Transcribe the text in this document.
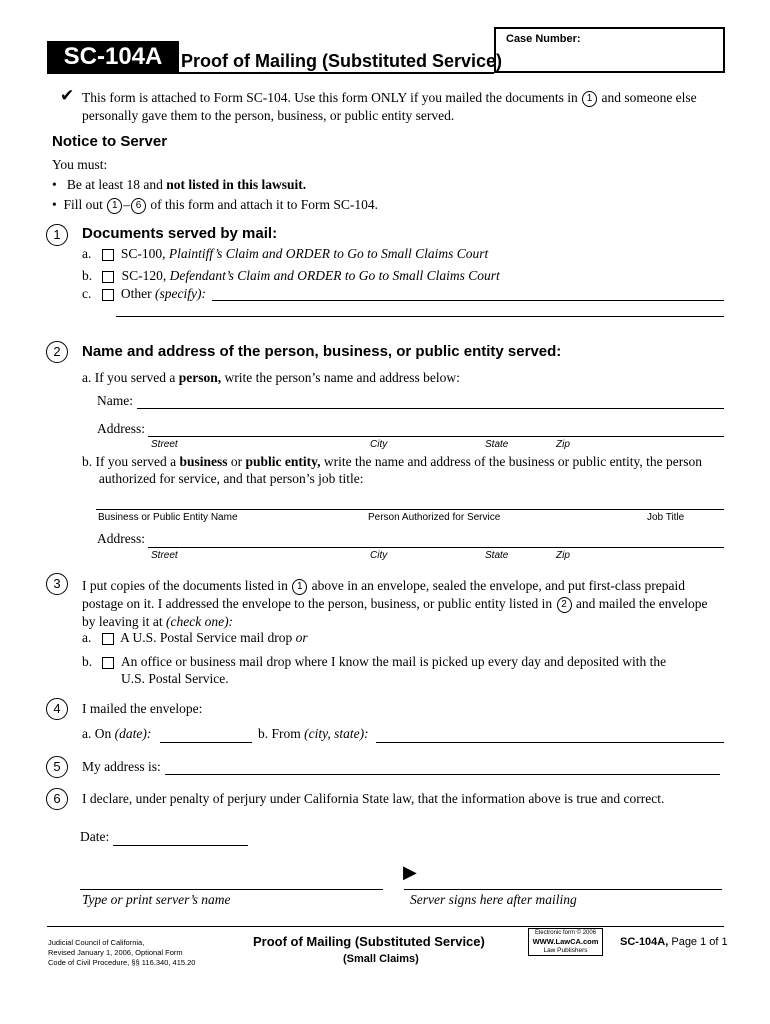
Case Number:
SC-104A	Proof of Mailing (Substituted Service)
✔ This form is attached to Form SC-104. Use this form ONLY if you mailed the documents in 1 and someone else
personally gave them to the person, business, or public entity served.
Notice to Server
You must:
•   Be at least 18 and not listed in this lawsuit.
•  Fill out 1 – 6 of this form and attach it to Form SC-104.
1	Documents served by mail:
a. SC-100, Plaintiff’s Claim and ORDER to Go to Small Claims Court
b. SC-120, Defendant’s Claim and ORDER to Go to Small Claims Court
c. Other (specify):
2	Name and address of the person, business, or public entity served:
a. If you served a person, write the person’s name and address below:
Name:
Address:
Street	City	State	Zip
b. If you served a business or public entity, write the name and address of the business or public entity, the person
authorized for service, and that person’s job title:
Business or Public Entity Name	Person Authorized for Service	Job Title
Address:
Street	City	State	Zip
3	I put copies of the documents listed in 1 above in an envelope, sealed the envelope, and put first-class prepaid
postage on it. I addressed the envelope to the person, business, or public entity listed in 2 and mailed the envelope
by leaving it at (check one):
a. A U.S. Postal Service mail drop or
b. An office or business mail drop where I know the mail is picked up every day and deposited with the
U.S. Postal Service.
4	I mailed the envelope:
a. On (date):	b. From (city, state):
5	My address is:
6	I declare, under penalty of perjury under California State law, that the information above is true and correct.
Date:
▶
Type or print server’s name	Server signs here after mailing
Judicial Council of California,
Revised January 1, 2006, Optional Form
Code of Civil Procedure, §§ 116.340, 415.20
Proof of Mailing (Substituted Service)
(Small Claims)
Electronic form © 2006
WWW.LawCA.com
Law Publishers
SC-104A, Page 1 of 1
